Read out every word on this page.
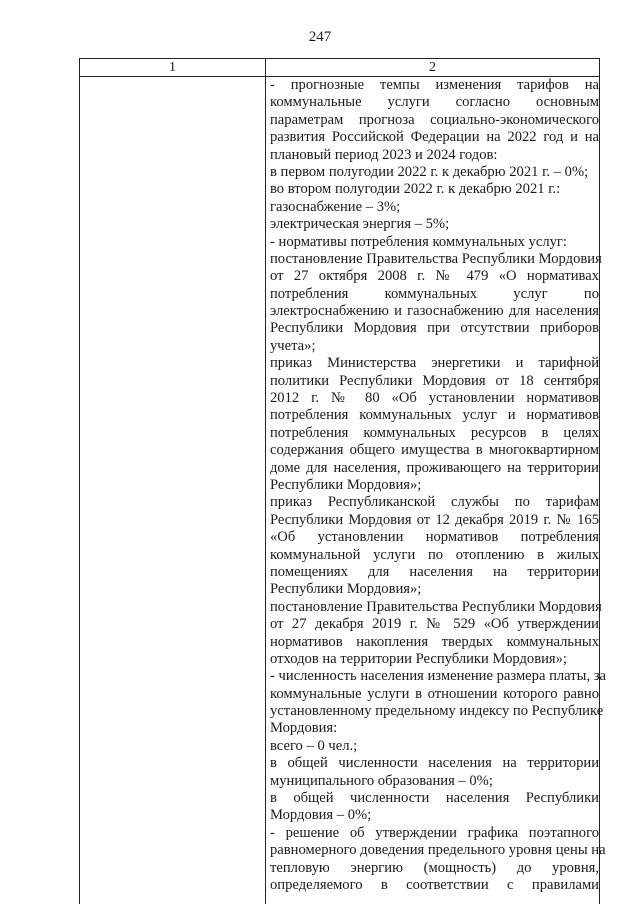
247
1	2
- прогнозные темпы изменения тарифов на
коммунальные услуги согласно основным
параметрам прогноза социально-экономического
развития Российской Федерации на 2022 год и на
плановый период 2023 и 2024 годов:
в первом полугодии 2022 г. к декабрю 2021 г. – 0%;
во втором полугодии 2022 г. к декабрю 2021 г.:
газоснабжение – 3%;
электрическая энергия – 5%;
- нормативы потребления коммунальных услуг:
постановление Правительства Республики Мордовия
от 27 октября 2008 г. № 479 «О нормативах
потребления коммунальных услуг по
электроснабжению и газоснабжению для населения
Республики Мордовия при отсутствии приборов
учета»;
приказ Министерства энергетики и тарифной
политики Республики Мордовия от 18 сентября
2012 г. № 80 «Об установлении нормативов
потребления коммунальных услуг и нормативов
потребления коммунальных ресурсов в целях
содержания общего имущества в многоквартирном
доме для населения, проживающего на территории
Республики Мордовия»;
приказ Республиканской службы по тарифам
Республики Мордовия от 12 декабря 2019 г. № 165
«Об установлении нормативов потребления
коммунальной услуги по отоплению в жилых
помещениях для населения на территории
Республики Мордовия»;
постановление Правительства Республики Мордовия
от 27 декабря 2019 г. № 529 «Об утверждении
нормативов накопления твердых коммунальных
отходов на территории Республики Мордовия»;
- численность населения изменение размера платы, за
коммунальные услуги в отношении которого равно
установленному предельному индексу по Республике
Мордовия:
всего – 0 чел.;
в общей численности населения на территории
муниципального образования – 0%;
в общей численности населения Республики
Мордовия – 0%;
- решение об утверждении графика поэтапного
равномерного доведения предельного уровня цены на
тепловую энергию (мощность) до уровня,
определяемого в соответствии с правилами
